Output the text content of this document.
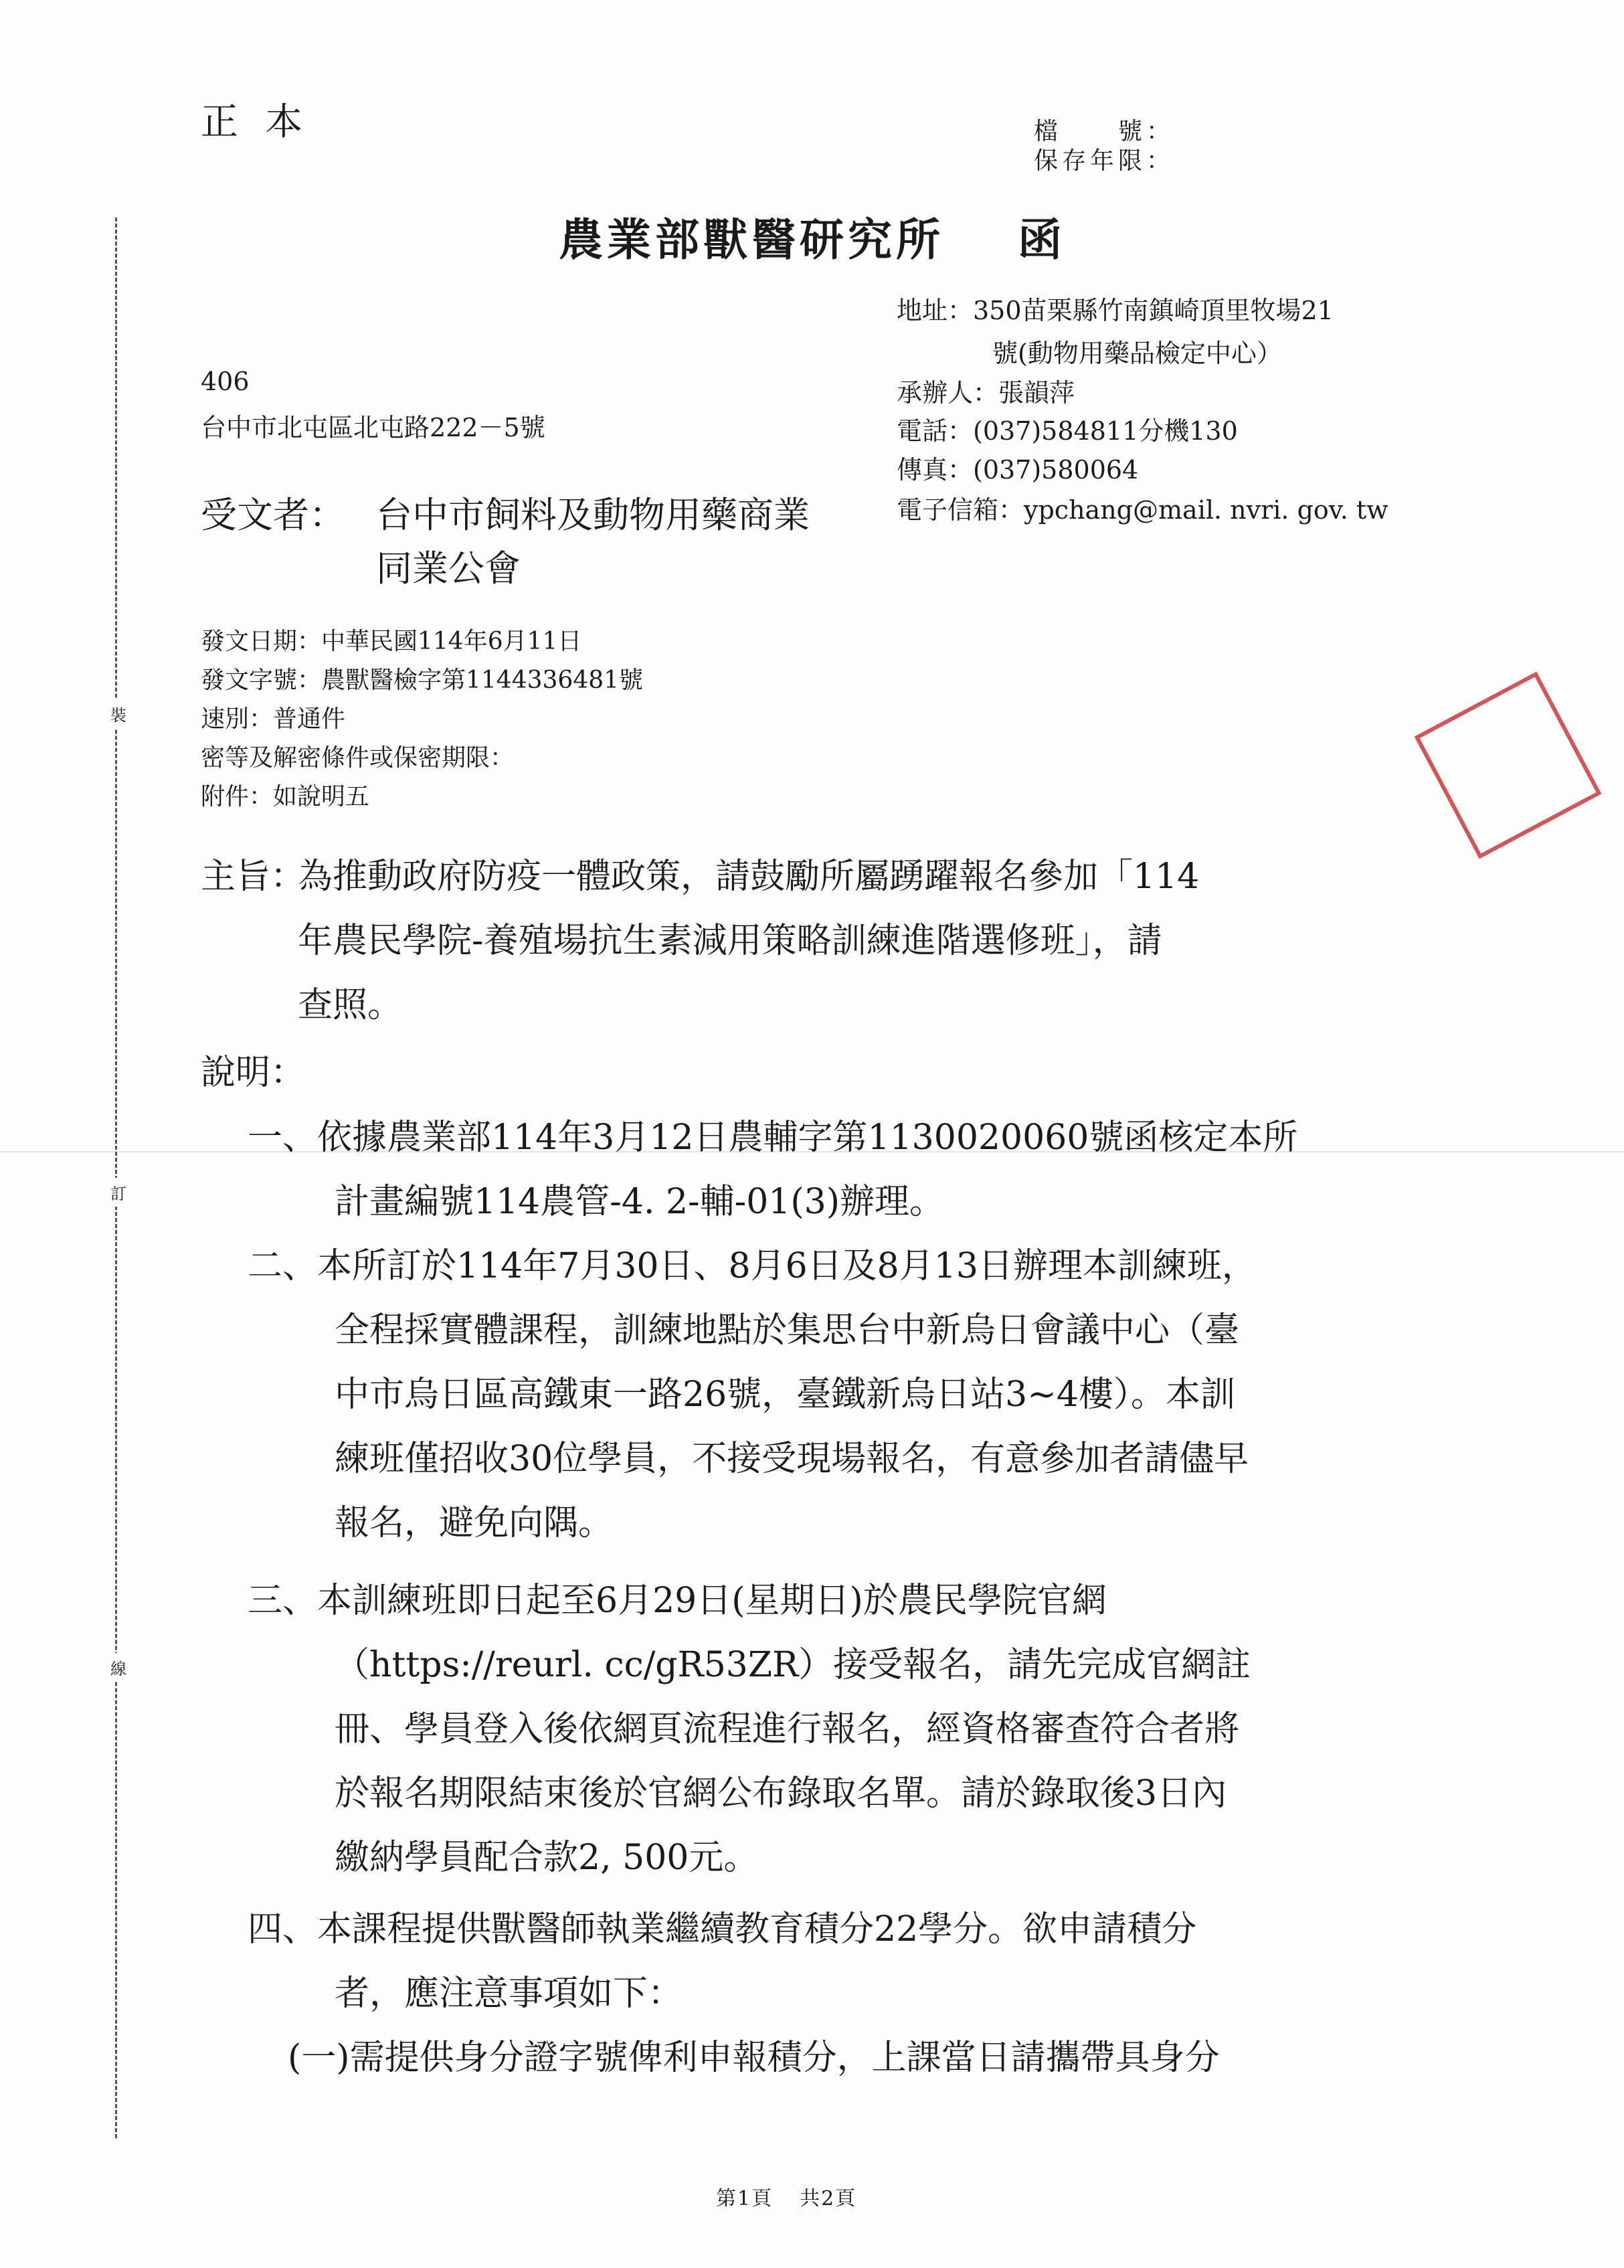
正本	檔　　號：
保存年限：
裝
訂
線
農業部獸醫研究所 函
地址：350苗栗縣竹南鎮崎頂里牧場21
號(動物用藥品檢定中心）
承辦人：張韻萍
電話：(037)584811分機130
傳真：(037)580064
電子信箱：ypchang@mail. nvri. gov. tw
406
台中市北屯區北屯路222－5號
受文者： 台中市飼料及動物用藥商業
同業公會
發文日期：中華民國114年6月11日
發文字號：農獸醫檢字第1144336481號
速別：普通件
密等及解密條件或保密期限：
附件：如說明五
主旨：
為推動政府防疫一體政策，請鼓勵所屬踴躍報名參加「114
年農民學院-養殖場抗生素減用策略訓練進階選修班」，請
查照。
說明：
一、依據農業部114年3月12日農輔字第1130020060號函核定本所
計畫編號114農管-4. 2-輔-01(3)辦理。
二、本所訂於114年7月30日、8月6日及8月13日辦理本訓練班，
全程採實體課程，訓練地點於集思台中新烏日會議中心（臺
中市烏日區高鐵東一路26號，臺鐵新烏日站3~4樓）。本訓
練班僅招收30位學員，不接受現場報名，有意參加者請儘早
報名，避免向隅。
三、本訓練班即日起至6月29日(星期日)於農民學院官網
（https://reurl. cc/gR53ZR）接受報名，請先完成官網註
冊、學員登入後依網頁流程進行報名，經資格審查符合者將
於報名期限結束後於官網公布錄取名單。請於錄取後3日內
繳納學員配合款2, 500元。
四、本課程提供獸醫師執業繼續教育積分22學分。欲申請積分
者，應注意事項如下：
(一)需提供身分證字號俾利申報積分，上課當日請攜帶具身分
第1頁 共2頁
